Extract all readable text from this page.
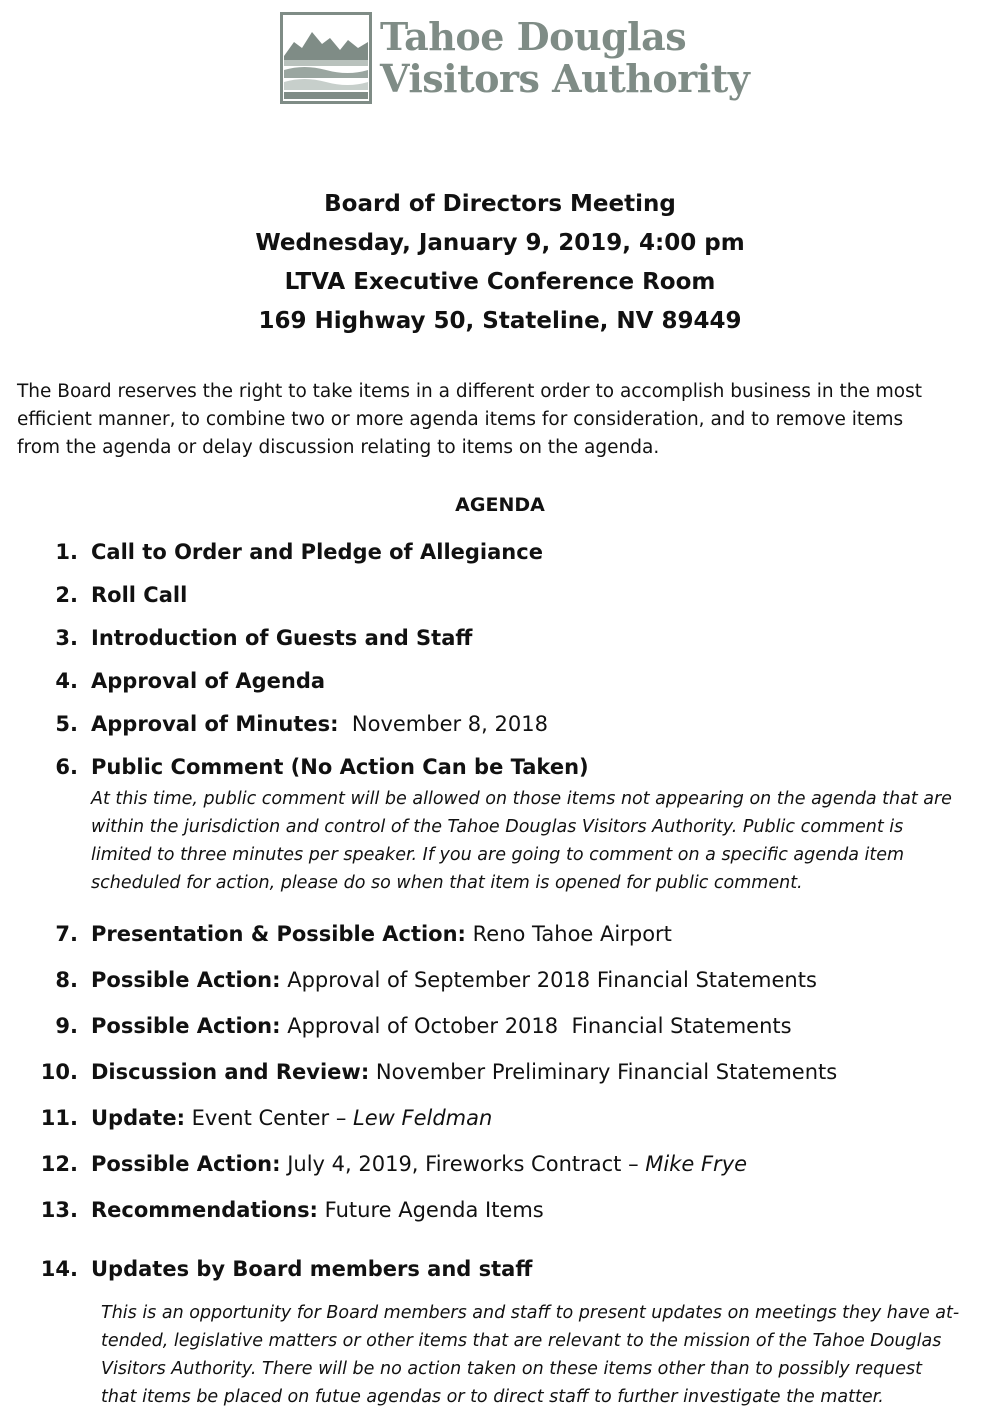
Tahoe Douglas
Visitors Authority
Board of Directors Meeting
Wednesday, January 9, 2019, 4:00 pm
LTVA Executive Conference Room
169 Highway 50, Stateline, NV 89449
The Board reserves the right to take items in a different order to accomplish business in the most
efficient manner, to combine two or more agenda items for consideration, and to remove items
from the agenda or delay discussion relating to items on the agenda.
AGENDA
1. Call to Order and Pledge of Allegiance
2. Roll Call
3. Introduction of Guests and Staff
4. Approval of Agenda
5. Approval of Minutes: November 8, 2018
6. Public Comment (No Action Can be Taken)
At this time, public comment will be allowed on those items not appearing on the agenda that are
within the jurisdiction and control of the Tahoe Douglas Visitors Authority. Public comment is
limited to three minutes per speaker. If you are going to comment on a specific agenda item
scheduled for action, please do so when that item is opened for public comment.
7. Presentation & Possible Action: Reno Tahoe Airport
8. Possible Action: Approval of September 2018 Financial Statements
9. Possible Action: Approval of October 2018  Financial Statements
10. Discussion and Review: November Preliminary Financial Statements
11. Update: Event Center – Lew Feldman
12. Possible Action: July 4, 2019, Fireworks Contract – Mike Frye
13. Recommendations: Future Agenda Items
14. Updates by Board members and staff
This is an opportunity for Board members and staff to present updates on meetings they have at-
tended, legislative matters or other items that are relevant to the mission of the Tahoe Douglas
Visitors Authority. There will be no action taken on these items other than to possibly request
that items be placed on futue agendas or to direct staff to further investigate the matter.
